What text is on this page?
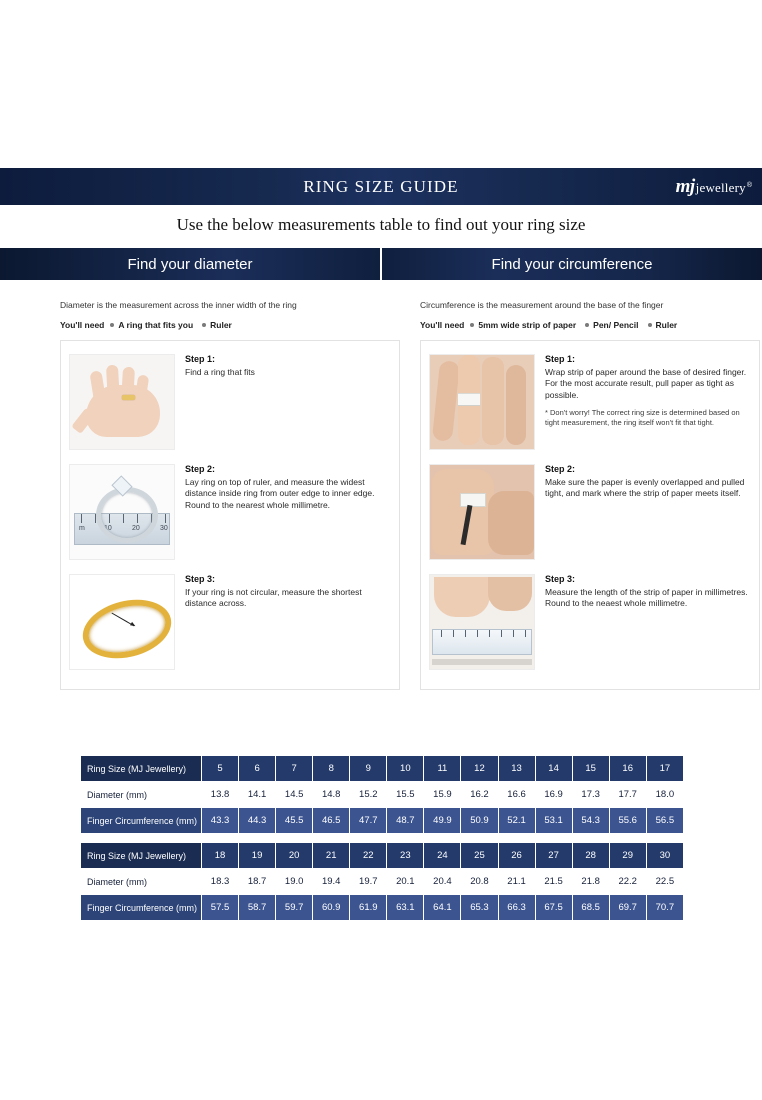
RING SIZE GUIDE	mj jewellery ®
Use the below measurements table to find out your ring size
Find your diameter	Find your circumference
Diameter is the measurement across the inner width of the ring
You'll need A ring that fits you Ruler
Step 1:
Find a ring that fits
m	10	20	30
Step 2:
Lay ring on top of ruler, and measure the widest distance inside ring from outer edge to inner edge. Round to the nearest whole millimetre.
Step 3:
If your ring is not circular, measure the shortest distance across.
Circumference is the measurement around the base of the finger
You'll need 5mm wide strip of paper Pen/ Pencil Ruler
Step 1:
Wrap strip of paper around the base of desired finger. For the most accurate result, pull paper as tight as possible.
* Don't worry! The correct ring size is determined based on tight measurement, the ring itself won't fit that tight.
Step 2:
Make sure the paper is evenly overlapped and pulled tight, and mark where the strip of paper meets itself.
Step 3:
Measure the length of the strip of paper in millimetres. Round to the neaest whole millimetre.
Ring Size (MJ Jewellery)	5	6	7	8	9	10	11	12	13	14	15	16	17
Diameter (mm)	13.8	14.1	14.5	14.8	15.2	15.5	15.9	16.2	16.6	16.9	17.3	17.7	18.0
Finger Circumference (mm)	43.3	44.3	45.5	46.5	47.7	48.7	49.9	50.9	52.1	53.1	54.3	55.6	56.5
Ring Size (MJ Jewellery)	18	19	20	21	22	23	24	25	26	27	28	29	30
Diameter (mm)	18.3	18.7	19.0	19.4	19.7	20.1	20.4	20.8	21.1	21.5	21.8	22.2	22.5
Finger Circumference (mm)	57.5	58.7	59.7	60.9	61.9	63.1	64.1	65.3	66.3	67.5	68.5	69.7	70.7
